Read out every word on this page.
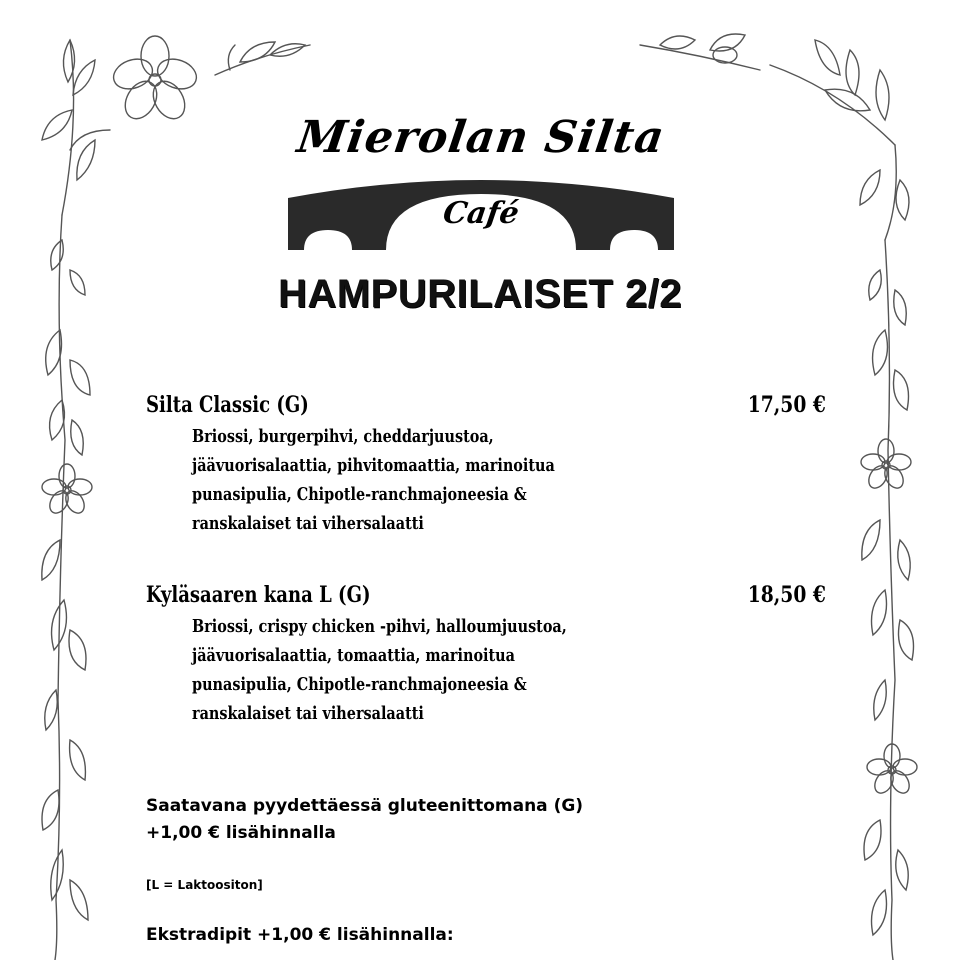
Mierolan Silta
Café
HAMPURILAISET 2/2
Silta Classic (G)	17,50 €
Briossi, burgerpihvi, cheddarjuustoa,
jäävuorisalaattia, pihvitomaattia, marinoitua
punasipulia, Chipotle-ranchmajoneesia &
ranskalaiset tai vihersalaatti
Kyläsaaren kana L (G)	18,50 €
Briossi, crispy chicken -pihvi, halloumjuustoa,
jäävuorisalaattia, tomaattia, marinoitua
punasipulia, Chipotle-ranchmajoneesia &
ranskalaiset tai vihersalaatti
Saatavana pyydettäessä gluteenittomana (G)
+1,00 € lisähinnalla
[L = Laktoositon]
Ekstradipit +1,00 € lisähinnalla:
